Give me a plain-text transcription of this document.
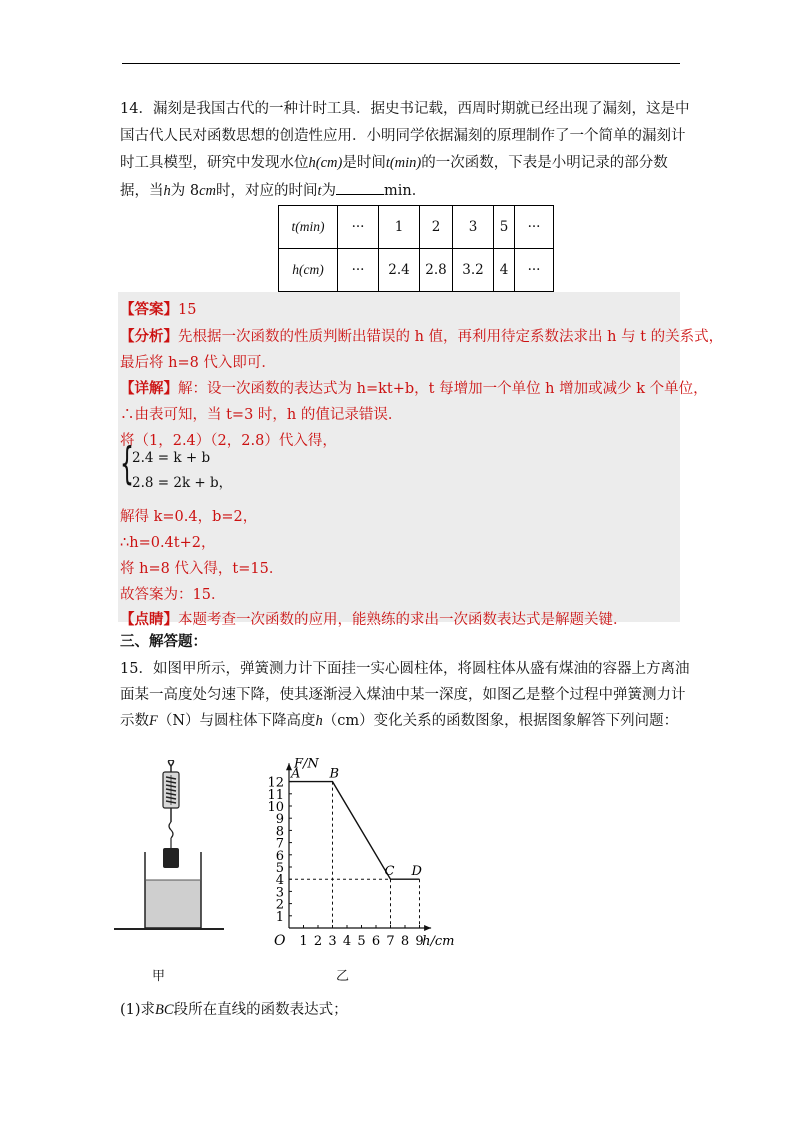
14．漏刻是我国古代的一种计时工具．据史书记载，西周时期就已经出现了漏刻，这是中
国古代人民对函数思想的创造性应用．小明同学依据漏刻的原理制作了一个简单的漏刻计
时工具模型，研究中发现水位h(cm)是时间t(min)的一次函数，下表是小明记录的部分数
据，当h为 8cm时，对应的时间t为	min．
t(min)	···	1	2	3	5	···
h(cm)	···	2.4	2.8	3.2	4	···
【答案】15
【分析】先根据一次函数的性质判断出错误的 h 值，再利用待定系数法求出 h 与 t 的关系式，
最后将 h=8 代入即可．
【详解】解：设一次函数的表达式为 h=kt+b，t 每增加一个单位 h 增加或减少 k 个单位，
∴由表可知，当 t=3 时，h 的值记录错误．
将（1，2.4）（2，2.8）代入得，
{
2.4 = k + b
2.8 = 2k + b，
解得 k=0.4，b=2，
∴h=0.4t+2，
将 h=8 代入得，t=15．
故答案为：15．
【点睛】本题考查一次函数的应用，能熟练的求出一次函数表达式是解题关键．
三、解答题：
15．如图甲所示，弹簧测力计下面挂一实心圆柱体，将圆柱体从盛有煤油的容器上方离油
面某一高度处匀速下降，使其逐渐浸入煤油中某一深度，如图乙是整个过程中弹簧测力计
示数F（N）与圆柱体下降高度h（cm）变化关系的函数图象，根据图象解答下列问题：
甲
F/N
h/cm
O 1 2 3 4 5 6 7 8 9
1
2
3
4
5
6
7
8
9
10
11
12
A B
C D
乙
(1)求BC段所在直线的函数表达式；
